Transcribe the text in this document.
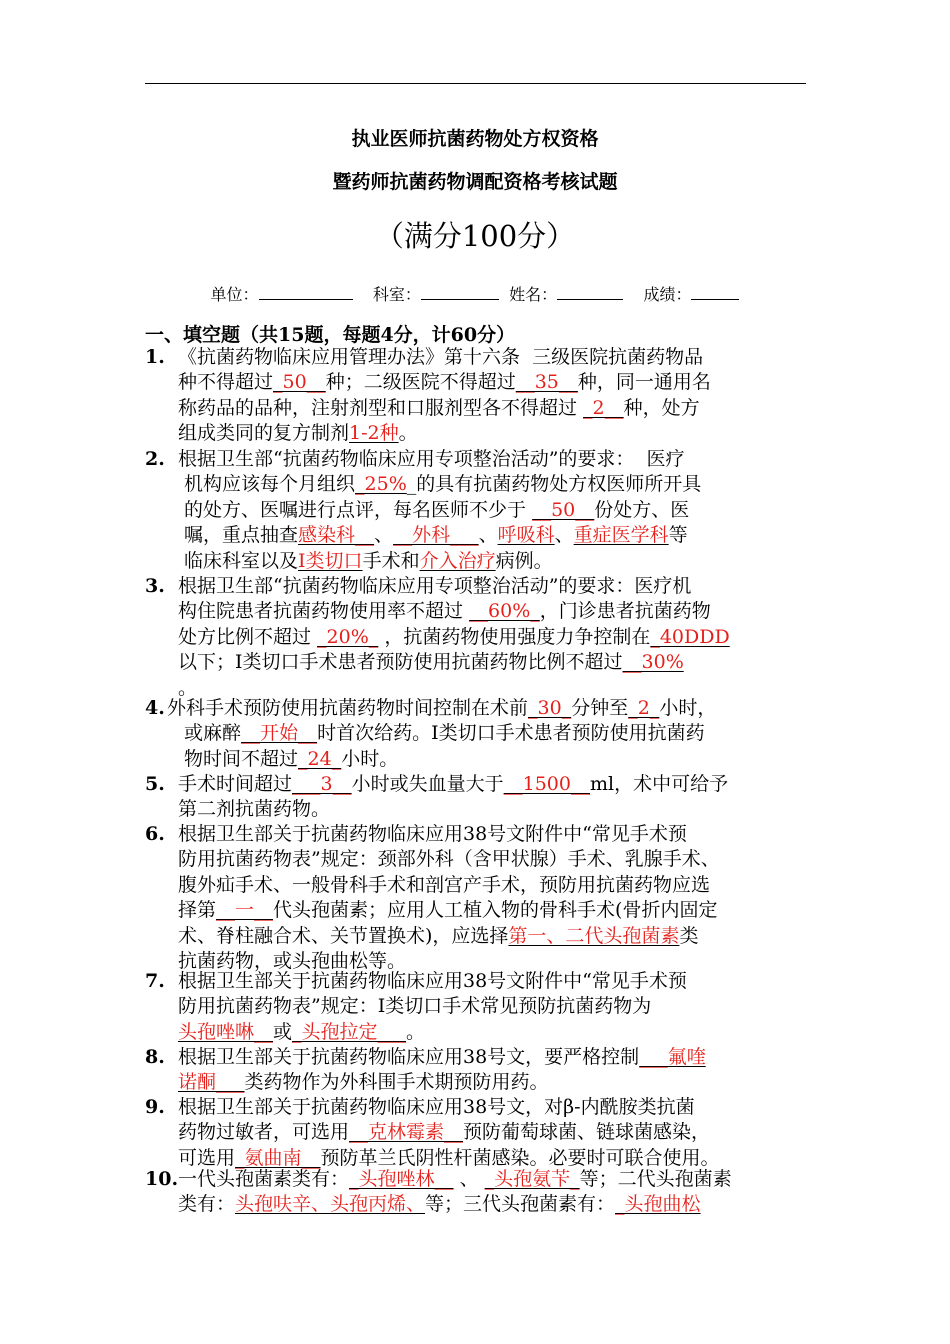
执业医师抗菌药物处方权资格
暨药师抗菌药物调配资格考核试题
（满分100分）
单位：	科室：	姓名：	成绩：
一、填空题（共15题，每题4分，计60分）
1. 《抗菌药物临床应用管理办法》第十六条  三级医院抗菌药物品
种不得超过_50__种；二级医院不得超过__35__种，同一通用名
称药品的品种，注射剂型和口服剂型各不得超过 _2__种，处方
组成类同的复方制剂1-2种。
2. 根据卫生部“抗菌药物临床应用专项整治活动”的要求：  医疗
机构应该每个月组织_25%_的具有抗菌药物处方权医师所开具
的处方、医嘱进行点评，每名医师不少于 __50__份处方、医
嘱，重点抽查感染科__、__外科___、呼吸科、重症医学科等
临床科室以及Ⅰ类切口手术和介入治疗病例。
3. 根据卫生部“抗菌药物临床应用专项整治活动”的要求：医疗机
构住院患者抗菌药物使用率不超过 __60%_，门诊患者抗菌药物
处方比例不超过 _20%_ ，抗菌药物使用强度力争控制在_40DDD
以下；Ⅰ类切口手术患者预防使用抗菌药物比例不超过__30%
。
4. 外科手术预防使用抗菌药物时间控制在术前_30_分钟至_2_小时，
或麻醉__开始__时首次给药。Ⅰ类切口手术患者预防使用抗菌药
物时间不超过_24_小时。
5. 手术时间超过___3__小时或失血量大于__1500__ml，术中可给予
第二剂抗菌药物。
6. 根据卫生部关于抗菌药物临床应用38号文附件中“常见手术预
防用抗菌药物表”规定：颈部外科（含甲状腺）手术、乳腺手术、
腹外疝手术、一般骨科手术和剖宫产手术，预防用抗菌药物应选
择第__一__代头孢菌素；应用人工植入物的骨科手术(骨折内固定
术、脊柱融合术、关节置换术)，应选择第一、二代头孢菌素类
抗菌药物，或头孢曲松等。
7. 根据卫生部关于抗菌药物临床应用38号文附件中“常见手术预
防用抗菌药物表”规定：Ⅰ类切口手术常见预防抗菌药物为
头孢唑啉__或_头孢拉定___。
8. 根据卫生部关于抗菌药物临床应用38号文，要严格控制___氟喹
诺酮___类药物作为外科围手术期预防用药。
9. 根据卫生部关于抗菌药物临床应用38号文，对β-内酰胺类抗菌
药物过敏者，可选用__克林霉素__预防葡萄球菌、链球菌感染，
可选用_氨曲南__预防革兰氏阴性杆菌感染。必要时可联合使用。
10. 一代头孢菌素类有：_头孢唑林__ 、 _头孢氨苄_等；二代头孢菌素
类有：头孢呋辛、头孢丙烯、等；三代头孢菌素有：_头孢曲松
